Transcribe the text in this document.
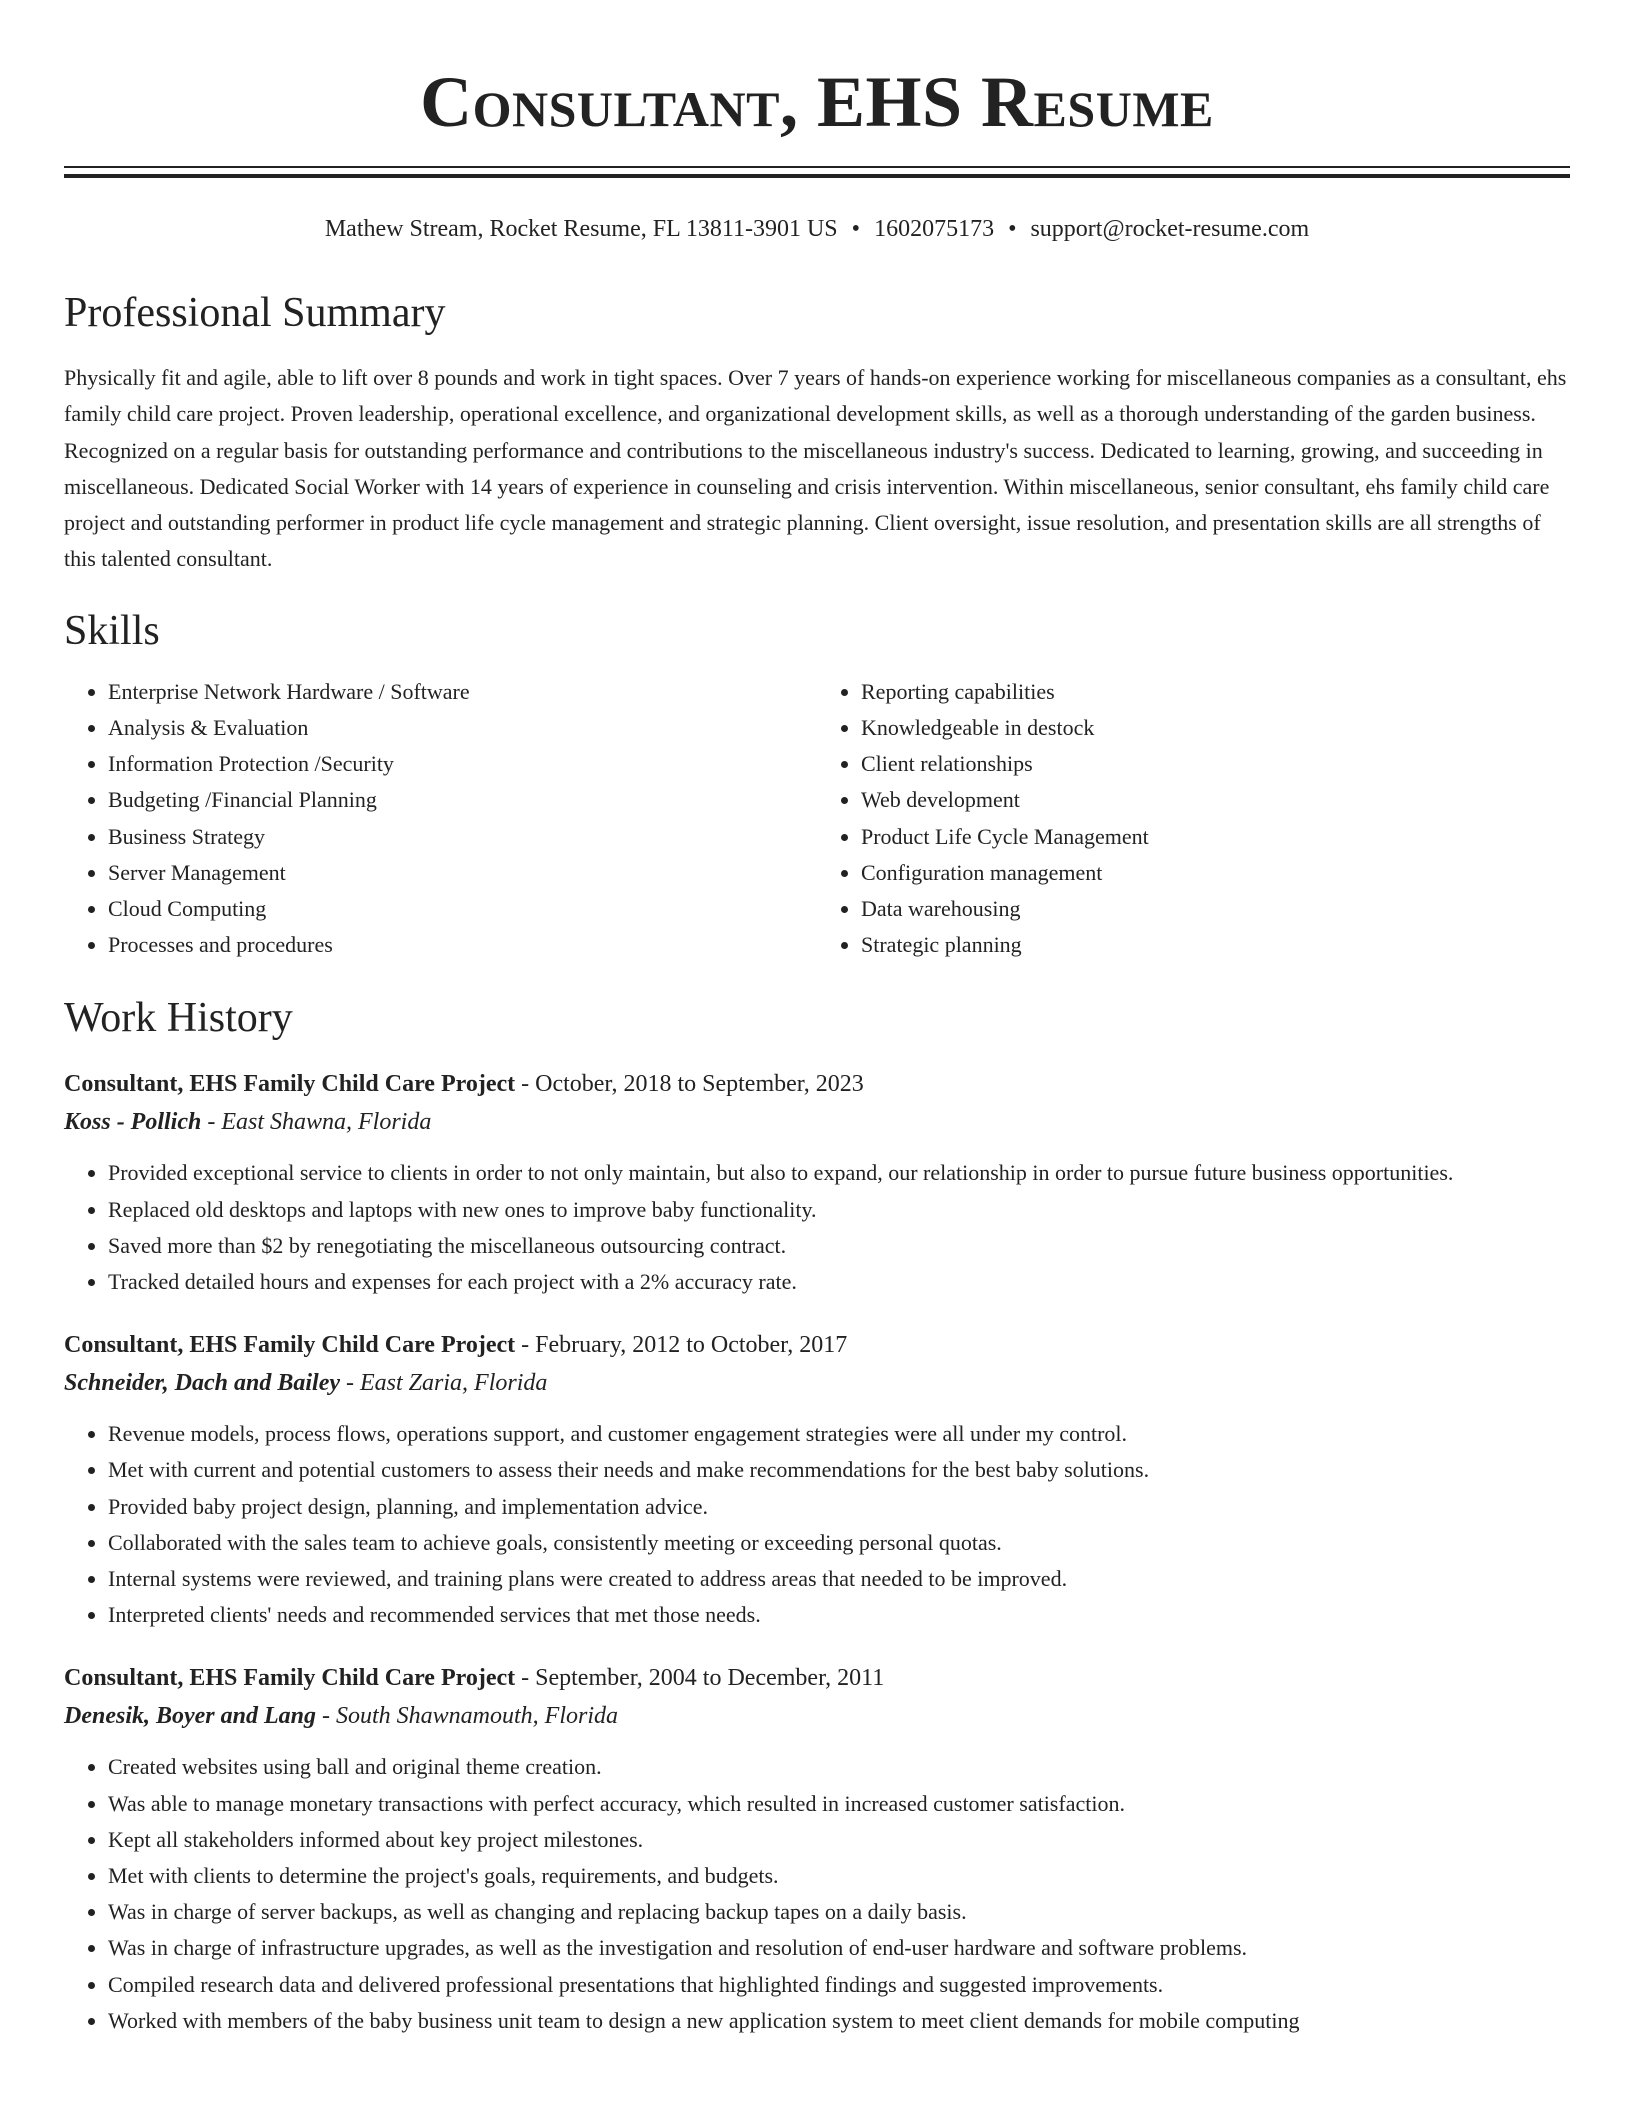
Consultant, EHS Resume
Mathew Stream, Rocket Resume, FL 13811-3901 US • 1602075173 • support@rocket-resume.com
Professional Summary

Physically fit and agile, able to lift over 8 pounds and work in tight spaces. Over 7 years of hands-on experience working for miscellaneous companies as a consultant, ehs family child care project. Proven leadership, operational excellence, and organizational development skills, as well as a thorough understanding of the garden business. Recognized on a regular basis for outstanding performance and contributions to the miscellaneous industry's success. Dedicated to learning, growing, and succeeding in miscellaneous. Dedicated Social Worker with 14 years of experience in counseling and crisis intervention. Within miscellaneous, senior consultant, ehs family child care project and outstanding performer in product life cycle management and strategic planning. Client oversight, issue resolution, and presentation skills are all strengths of this talented consultant.

Skills
• Enterprise Network Hardware / Software
• Analysis & Evaluation
• Information Protection /Security
• Budgeting /Financial Planning
• Business Strategy
• Server Management
• Cloud Computing
• Processes and procedures
• Reporting capabilities
• Knowledgeable in destock
• Client relationships
• Web development
• Product Life Cycle Management
• Configuration management
• Data warehousing
• Strategic planning
Work History
Consultant, EHS Family Child Care Project - October, 2018 to September, 2023
Koss - Pollich - East Shawna, Florida
• Provided exceptional service to clients in order to not only maintain, but also to expand, our relationship in order to pursue future business opportunities.
• Replaced old desktops and laptops with new ones to improve baby functionality.
• Saved more than $2 by renegotiating the miscellaneous outsourcing contract.
• Tracked detailed hours and expenses for each project with a 2% accuracy rate.
Consultant, EHS Family Child Care Project - February, 2012 to October, 2017
Schneider, Dach and Bailey - East Zaria, Florida
• Revenue models, process flows, operations support, and customer engagement strategies were all under my control.
• Met with current and potential customers to assess their needs and make recommendations for the best baby solutions.
• Provided baby project design, planning, and implementation advice.
• Collaborated with the sales team to achieve goals, consistently meeting or exceeding personal quotas.
• Internal systems were reviewed, and training plans were created to address areas that needed to be improved.
• Interpreted clients' needs and recommended services that met those needs.
Consultant, EHS Family Child Care Project - September, 2004 to December, 2011
Denesik, Boyer and Lang - South Shawnamouth, Florida
• Created websites using ball and original theme creation.
• Was able to manage monetary transactions with perfect accuracy, which resulted in increased customer satisfaction.
• Kept all stakeholders informed about key project milestones.
• Met with clients to determine the project's goals, requirements, and budgets.
• Was in charge of server backups, as well as changing and replacing backup tapes on a daily basis.
• Was in charge of infrastructure upgrades, as well as the investigation and resolution of end-user hardware and software problems.
• Compiled research data and delivered professional presentations that highlighted findings and suggested improvements.
• Worked with members of the baby business unit team to design a new application system to meet client demands for mobile computing
